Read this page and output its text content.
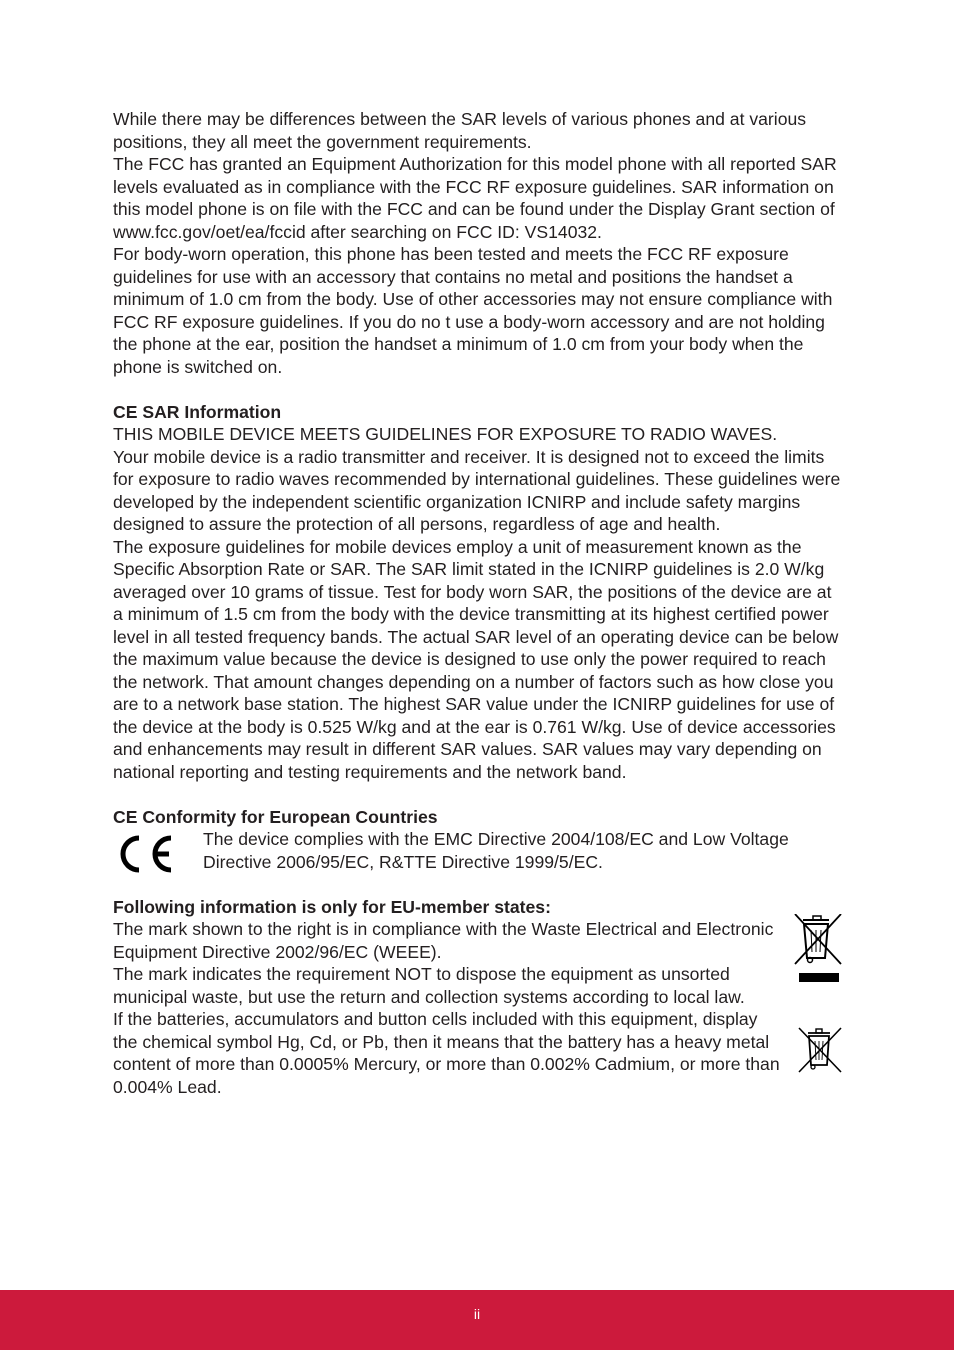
While there may be differences between the SAR levels of various phones and at various positions, they all meet the government requirements.

The FCC has granted an Equipment Authorization for this model phone with all reported SAR levels evaluated as in compliance with the FCC RF exposure guidelines. SAR information on this model phone is on file with the FCC and can be found under the Display Grant section of www.fcc.gov/oet/ea/fccid after searching on FCC ID: VS14032.

For body-worn operation, this phone has been tested and meets the FCC RF exposure guidelines for use with an accessory that contains no metal and positions the handset a minimum of 1.0 cm from the body. Use of other accessories may not ensure compliance with FCC RF exposure guidelines. If you do no t use a body-worn accessory and are not holding the phone at the ear, position the handset a minimum of 1.0 cm from your body when the phone is switched on.

CE SAR Information

THIS MOBILE DEVICE MEETS GUIDELINES FOR EXPOSURE TO RADIO WAVES.

Your mobile device is a radio transmitter and receiver. It is designed not to exceed the limits for exposure to radio waves recommended by international guidelines. These guidelines were developed by the independent scientific organization ICNIRP and include safety margins designed to assure the protection of all persons, regardless of age and health.

The exposure guidelines for mobile devices employ a unit of measurement known as the Specific Absorption Rate or SAR. The SAR limit stated in the ICNIRP guidelines is 2.0 W/kg averaged over 10 grams of tissue. Test for body worn SAR, the positions of the device are at a minimum of 1.5 cm from the body with the device transmitting at its highest certified power level in all tested frequency bands. The actual SAR level of an operating device can be below the maximum value because the device is designed to use only the power required to reach the network. That amount changes depending on a number of factors such as how close you are to a network base station. The highest SAR value under the ICNIRP guidelines for use of the device at the body is 0.525 W/kg and at the ear is 0.761 W/kg. Use of device accessories and enhancements may result in different SAR values. SAR values may vary depending on national reporting and testing requirements and the network band.

CE Conformity for European Countries

The device complies with the EMC Directive 2004/108/EC and Low Voltage Directive 2006/95/EC, R&TTE Directive 1999/5/EC.

Following information is only for EU-member states:

The mark shown to the right is in compliance with the Waste Electrical and Electronic Equipment Directive 2002/96/EC (WEEE).

The mark indicates the requirement NOT to dispose the equipment as unsorted municipal waste, but use the return and collection systems according to local law.

If the batteries, accumulators and button cells included with this equipment, display the chemical symbol Hg, Cd, or Pb, then it means that the battery has a heavy metal content of more than 0.0005% Mercury, or more than 0.002% Cadmium, or more than 0.004% Lead.

ii
